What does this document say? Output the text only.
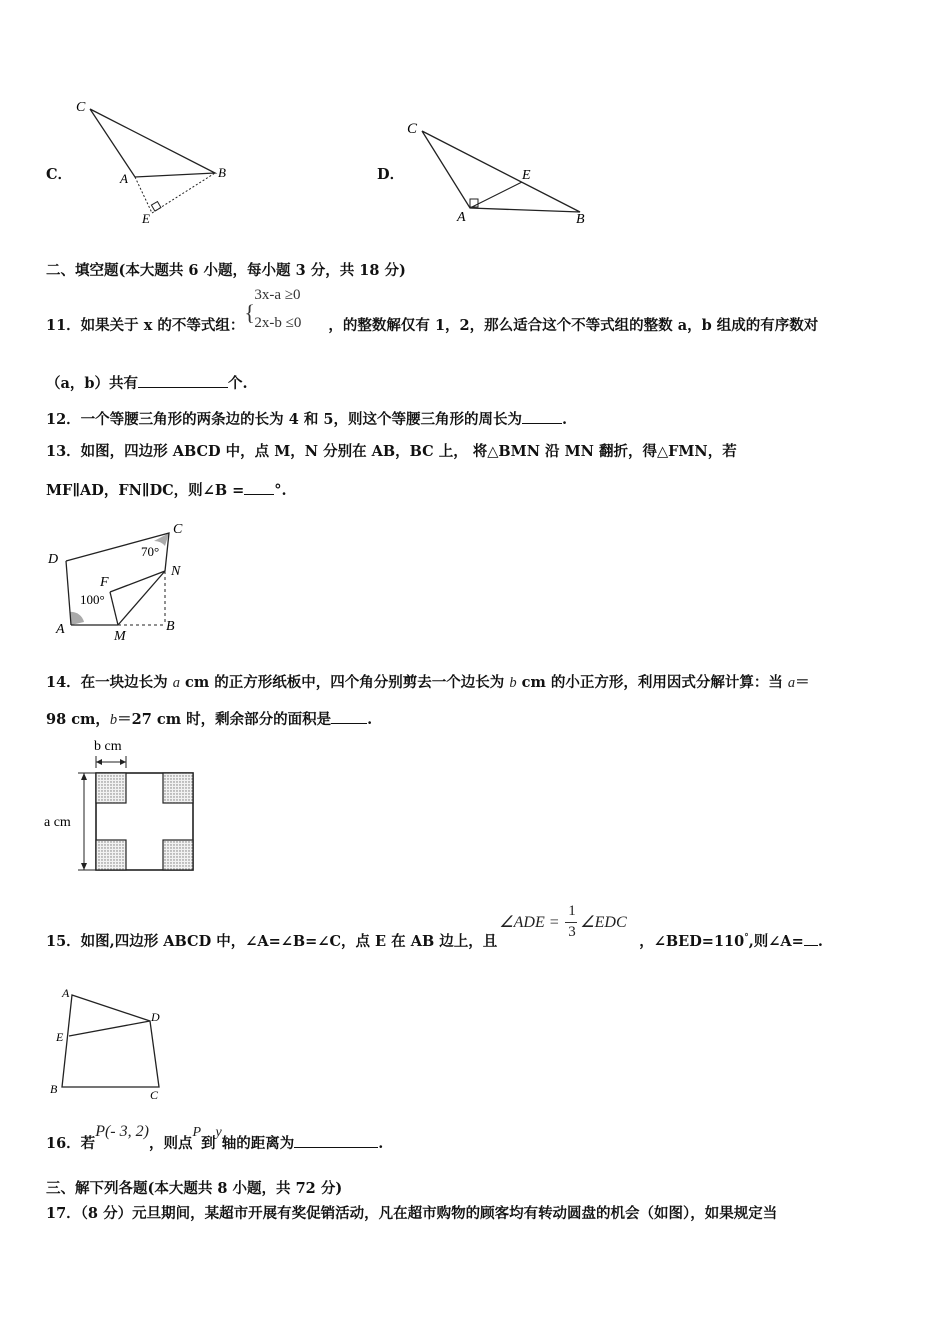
C．
C
A	B
E
D．
C
A	B
E
二、填空题(本大题共 6 小题，每小题 3 分，共 18 分)
11．如果关于 x 的不等式组：
{
3x-a ≥0
2x-b ≤0 ，的整数解仅有 1，2，那么适合这个不等式组的整数 a，b 组成的有序数对
（a，b）共有	个.
12．一个等腰三角形的两条边的长为 4 和 5，则这个等腰三角形的周长为	.
13．如图，四边形 ABCD 中，点 M，N 分别在 AB，BC 上， 将△BMN 沿 MN 翻折，得△FMN，若
MF∥AD，FN∥DC，则∠B = °.
D
C
A	B
F
N
M
70°
100°
14．在一块边长为 a cm 的正方形纸板中，四个角分别剪去一个边长为 b cm 的小正方形，利用因式分解计算：当 a＝
98 cm，b＝27 cm 时，剩余部分的面积是 .
b cm
a cm
15．如图,四边形 ABCD 中，∠A=∠B=∠C，点 E 在 AB 边上，且
∠ADE =
1
3
∠EDC
，∠BED=110°,则∠A= .
A
D
E
B	C
16．若P(- 3, 2)，则点P到y轴的距离为	.
三、解下列各题(本大题共 8 小题，共 72 分)
17．（8 分）元旦期间，某超市开展有奖促销活动，凡在超市购物的顾客均有转动圆盘的机会（如图），如果规定当
